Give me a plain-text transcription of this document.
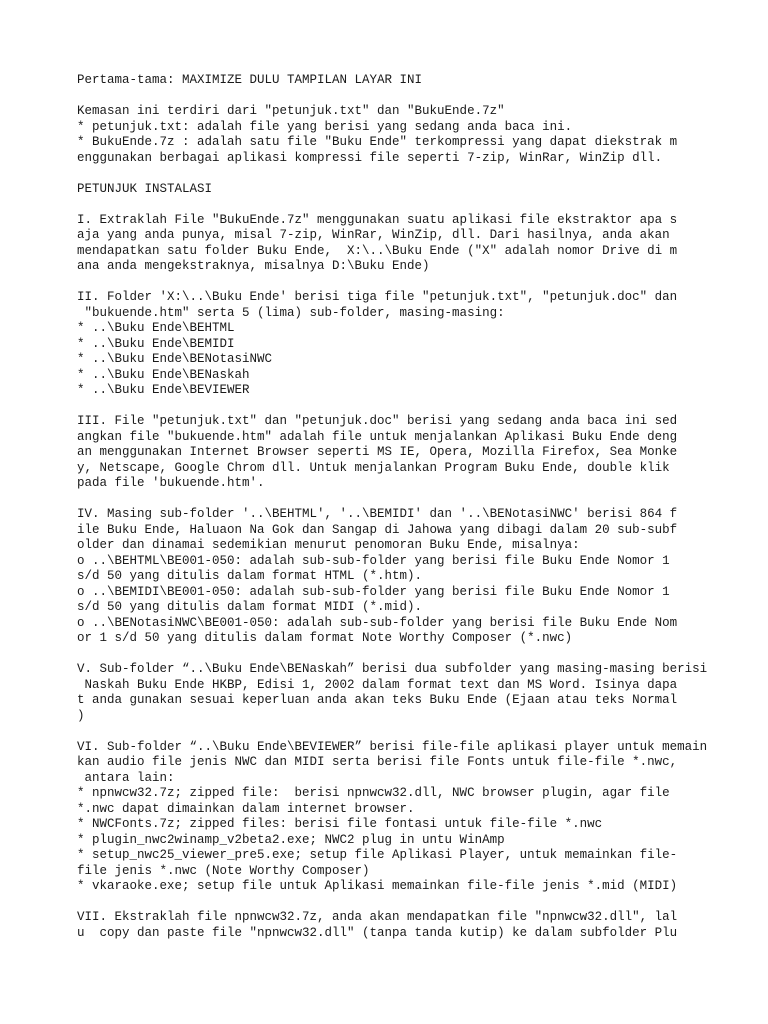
Pertama-tama: MAXIMIZE DULU TAMPILAN LAYAR INI
Kemasan ini terdiri dari "petunjuk.txt" dan "BukuEnde.7z"
* petunjuk.txt: adalah file yang berisi yang sedang anda baca ini.
* BukuEnde.7z : adalah satu file "Buku Ende" terkompressi yang dapat diekstrak m
enggunakan berbagai aplikasi kompressi file seperti 7-zip, WinRar, WinZip dll.
PETUNJUK INSTALASI
I. Extraklah File "BukuEnde.7z" menggunakan suatu aplikasi file ekstraktor apa s
aja yang anda punya, misal 7-zip, WinRar, WinZip, dll. Dari hasilnya, anda akan
mendapatkan satu folder Buku Ende,  X:\..\Buku Ende ("X" adalah nomor Drive di m
ana anda mengekstraknya, misalnya D:\Buku Ende)
II. Folder 'X:\..\Buku Ende' berisi tiga file "petunjuk.txt", "petunjuk.doc" dan
"bukuende.htm" serta 5 (lima) sub-folder, masing-masing:
* ..\Buku Ende\BEHTML
* ..\Buku Ende\BEMIDI
* ..\Buku Ende\BENotasiNWC
* ..\Buku Ende\BENaskah
* ..\Buku Ende\BEVIEWER
III. File "petunjuk.txt" dan "petunjuk.doc" berisi yang sedang anda baca ini sed
angkan file "bukuende.htm" adalah file untuk menjalankan Aplikasi Buku Ende deng
an menggunakan Internet Browser seperti MS IE, Opera, Mozilla Firefox, Sea Monke
y, Netscape, Google Chrom dll. Untuk menjalankan Program Buku Ende, double klik
pada file 'bukuende.htm'.
IV. Masing sub-folder '..\BEHTML', '..\BEMIDI' dan '..\BENotasiNWC' berisi 864 f
ile Buku Ende, Haluaon Na Gok dan Sangap di Jahowa yang dibagi dalam 20 sub-subf
older dan dinamai sedemikian menurut penomoran Buku Ende, misalnya:
o ..\BEHTML\BE001-050: adalah sub-sub-folder yang berisi file Buku Ende Nomor 1
s/d 50 yang ditulis dalam format HTML (*.htm).
o ..\BEMIDI\BE001-050: adalah sub-sub-folder yang berisi file Buku Ende Nomor 1
s/d 50 yang ditulis dalam format MIDI (*.mid).
o ..\BENotasiNWC\BE001-050: adalah sub-sub-folder yang berisi file Buku Ende Nom
or 1 s/d 50 yang ditulis dalam format Note Worthy Composer (*.nwc)
V. Sub-folder “..\Buku Ende\BENaskah” berisi dua subfolder yang masing-masing berisi
Naskah Buku Ende HKBP, Edisi 1, 2002 dalam format text dan MS Word. Isinya dapa
t anda gunakan sesuai keperluan anda akan teks Buku Ende (Ejaan atau teks Normal
)
VI. Sub-folder “..\Buku Ende\BEVIEWER” berisi file-file aplikasi player untuk memain
kan audio file jenis NWC dan MIDI serta berisi file Fonts untuk file-file *.nwc,
antara lain:
* npnwcw32.7z; zipped file:  berisi npnwcw32.dll, NWC browser plugin, agar file
*.nwc dapat dimainkan dalam internet browser.
* NWCFonts.7z; zipped files: berisi file fontasi untuk file-file *.nwc
* plugin_nwc2winamp_v2beta2.exe; NWC2 plug in untu WinAmp
* setup_nwc25_viewer_pre5.exe; setup file Aplikasi Player, untuk memainkan file-
file jenis *.nwc (Note Worthy Composer)
* vkaraoke.exe; setup file untuk Aplikasi memainkan file-file jenis *.mid (MIDI)
VII. Ekstraklah file npnwcw32.7z, anda akan mendapatkan file "npnwcw32.dll", lal
u  copy dan paste file "npnwcw32.dll" (tanpa tanda kutip) ke dalam subfolder Plu
